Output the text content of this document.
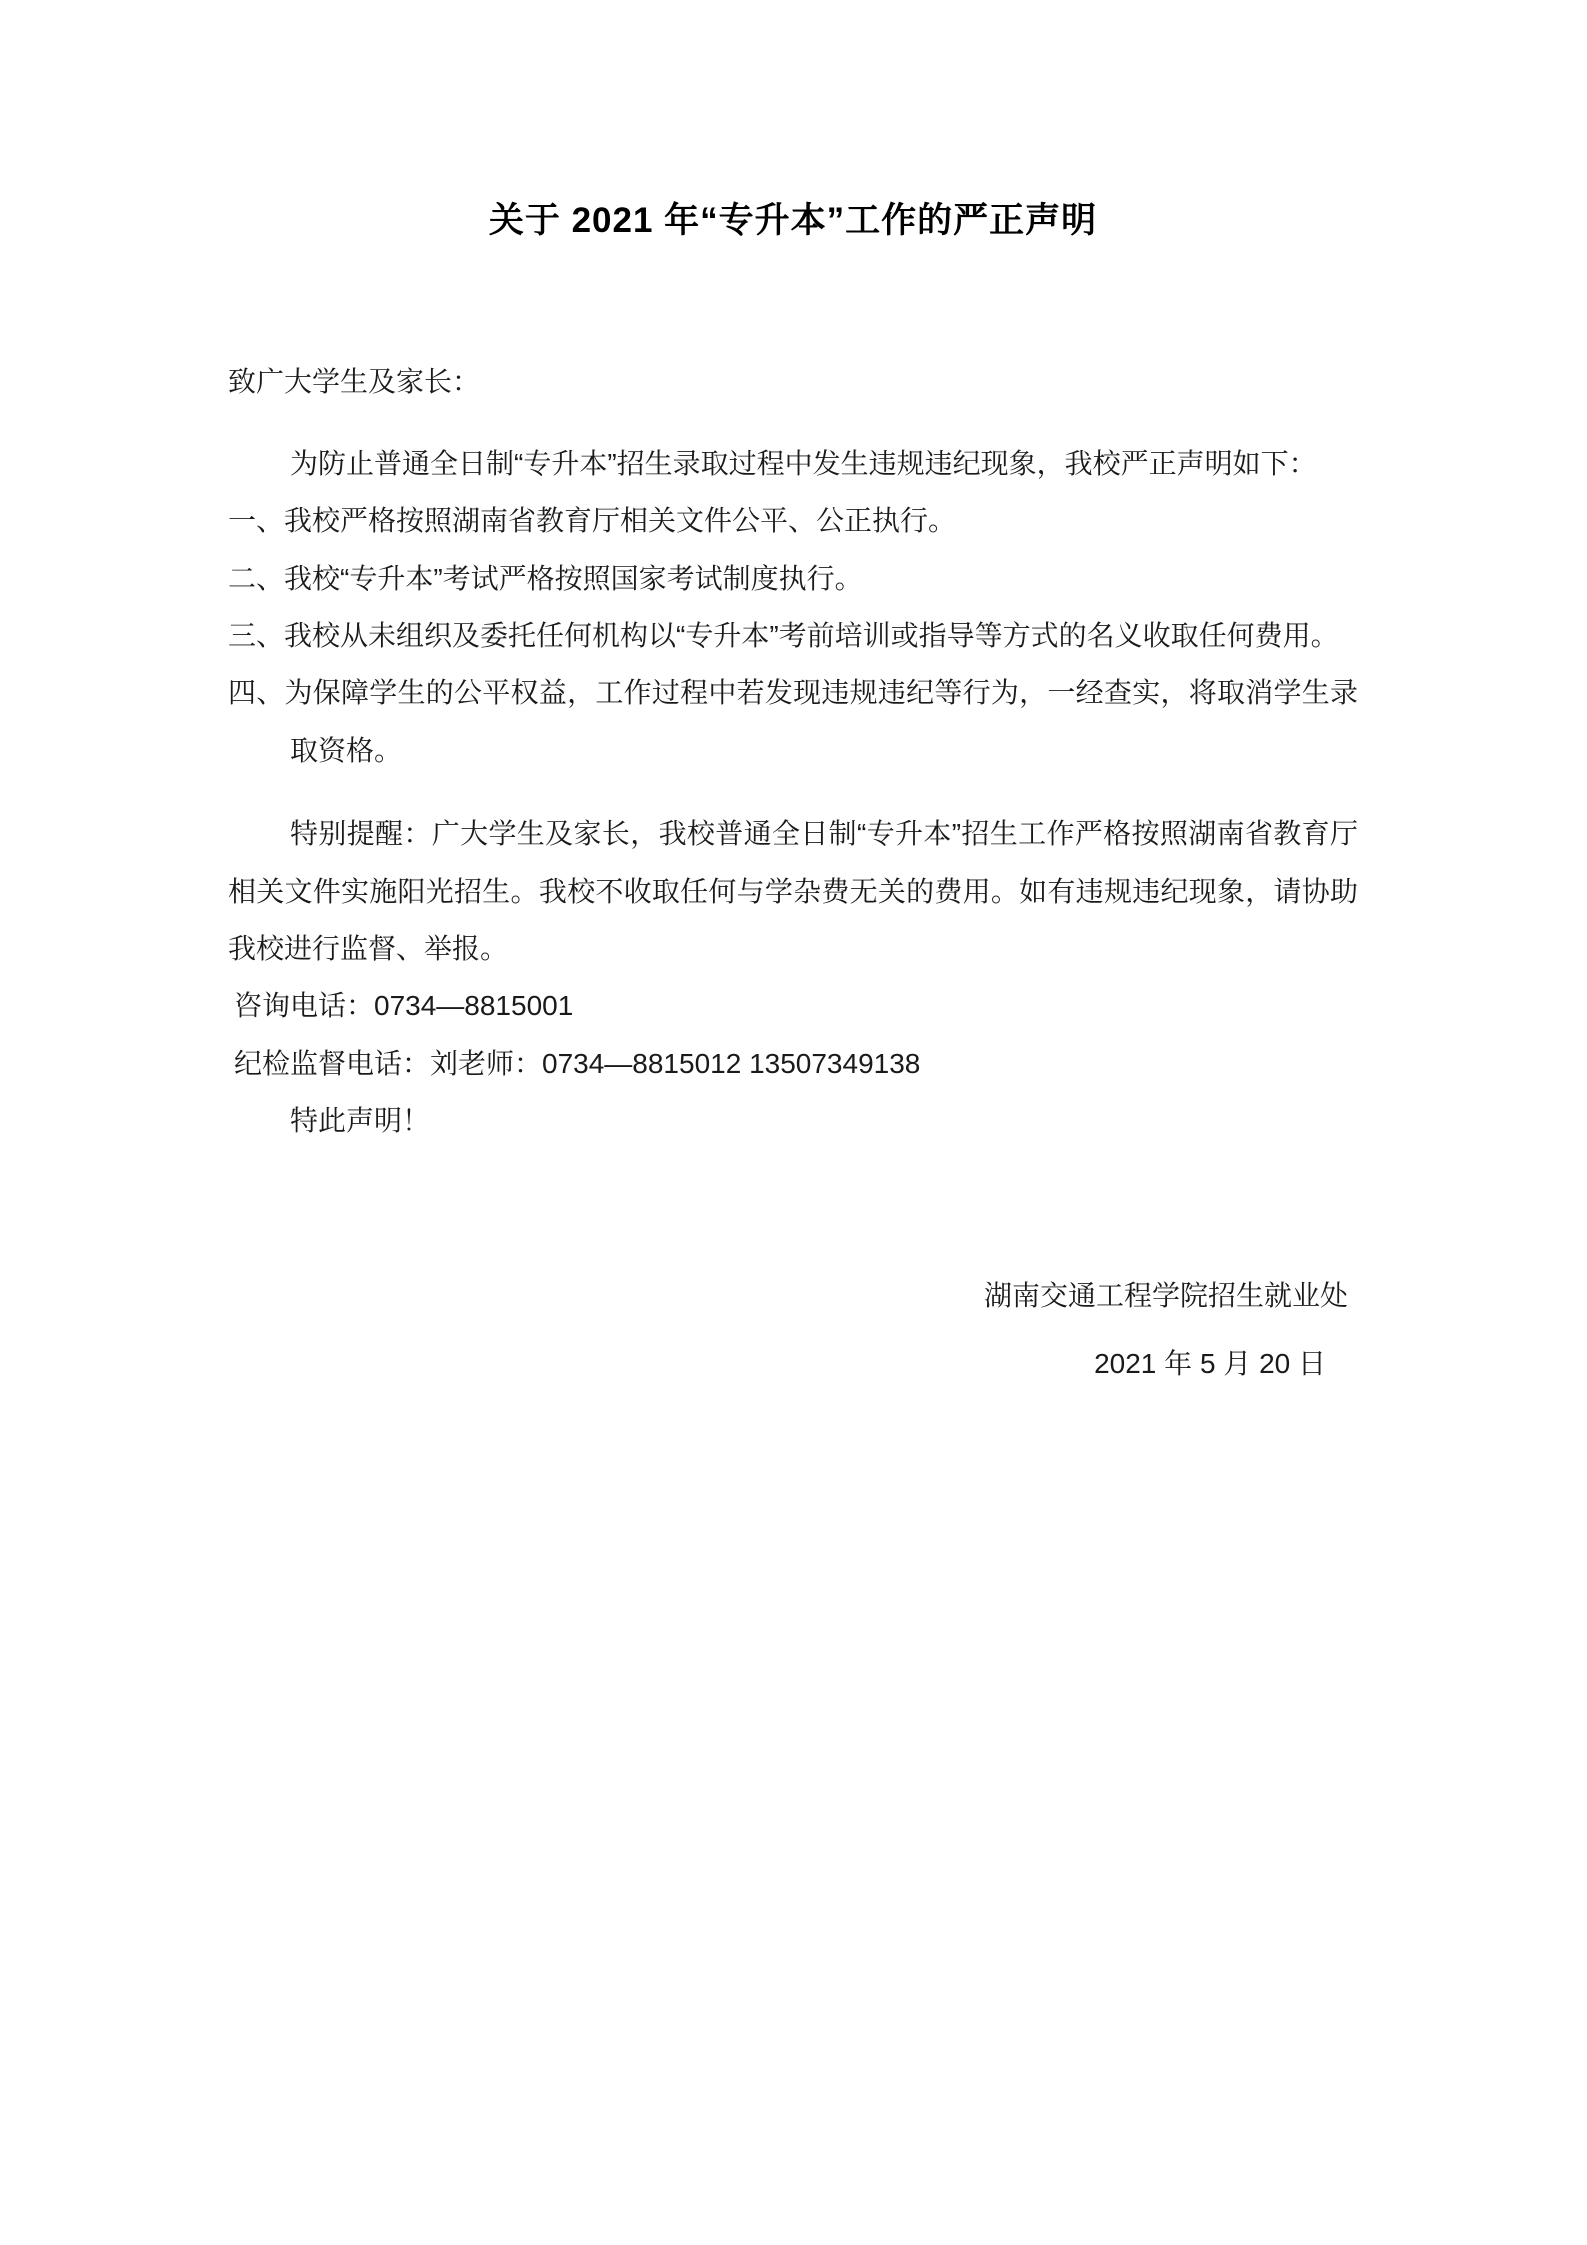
关于 2021 年“专升本”工作的严正声明

致广大学生及家长：

为防止普通全日制“专升本”招生录取过程中发生违规违纪现象，我校严正声明如下：

一、我校严格按照湖南省教育厅相关文件公平、公正执行。

二、我校“专升本”考试严格按照国家考试制度执行。

三、我校从未组织及委托任何机构以“专升本”考前培训或指导等方式的名义收取任何费用。

四、为保障学生的公平权益，工作过程中若发现违规违纪等行为，一经查实，将取消学生录取资格。

特别提醒：广大学生及家长，我校普通全日制“专升本”招生工作严格按照湖南省教育厅相关文件实施阳光招生。我校不收取任何与学杂费无关的费用。如有违规违纪现象，请协助我校进行监督、举报。

咨询电话：0734—8815001

纪检监督电话：刘老师：0734—8815012 13507349138

特此声明！

湖南交通工程学院招生就业处
2021 年 5 月 20 日
